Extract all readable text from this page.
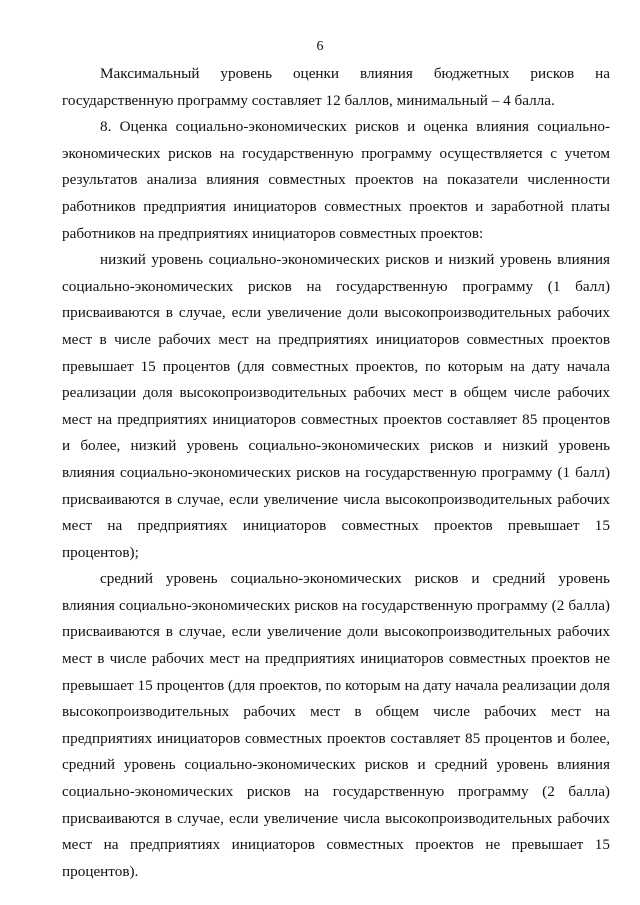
6

Максимальный уровень оценки влияния бюджетных рисков на государственную программу составляет 12 баллов, минимальный – 4 балла.

8. Оценка социально-экономических рисков и оценка влияния социально-экономических рисков на государственную программу осуществляется с учетом результатов анализа влияния совместных проектов на показатели численности работников предприятия инициаторов совместных проектов и заработной платы работников на предприятиях инициаторов совместных проектов:

низкий уровень социально-экономических рисков и низкий уровень влияния социально-экономических рисков на государственную программу (1 балл) присваиваются в случае, если увеличение доли высокопроизводительных рабочих мест в числе рабочих мест на предприятиях инициаторов совместных проектов превышает 15 процентов (для совместных проектов, по которым на дату начала реализации доля высокопроизводительных рабочих мест в общем числе рабочих мест на предприятиях инициаторов совместных проектов составляет 85 процентов и более, низкий уровень социально-экономических рисков и низкий уровень влияния социально-экономических рисков на государственную программу (1 балл) присваиваются в случае, если увеличение числа высокопроизводительных рабочих мест на предприятиях инициаторов совместных проектов превышает 15 процентов);

средний уровень социально-экономических рисков и средний уровень влияния социально-экономических рисков на государственную программу (2 балла) присваиваются в случае, если увеличение доли высокопроизводительных рабочих мест в числе рабочих мест на предприятиях инициаторов совместных проектов не превышает 15 процентов (для проектов, по которым на дату начала реализации доля высокопроизводительных рабочих мест в общем числе рабочих мест на предприятиях инициаторов совместных проектов составляет 85 процентов и более, средний уровень социально-экономических рисков и средний уровень влияния социально-экономических рисков на государственную программу (2 балла) присваиваются в случае, если увеличение числа высокопроизводительных рабочих мест на предприятиях инициаторов совместных проектов не превышает 15 процентов).
